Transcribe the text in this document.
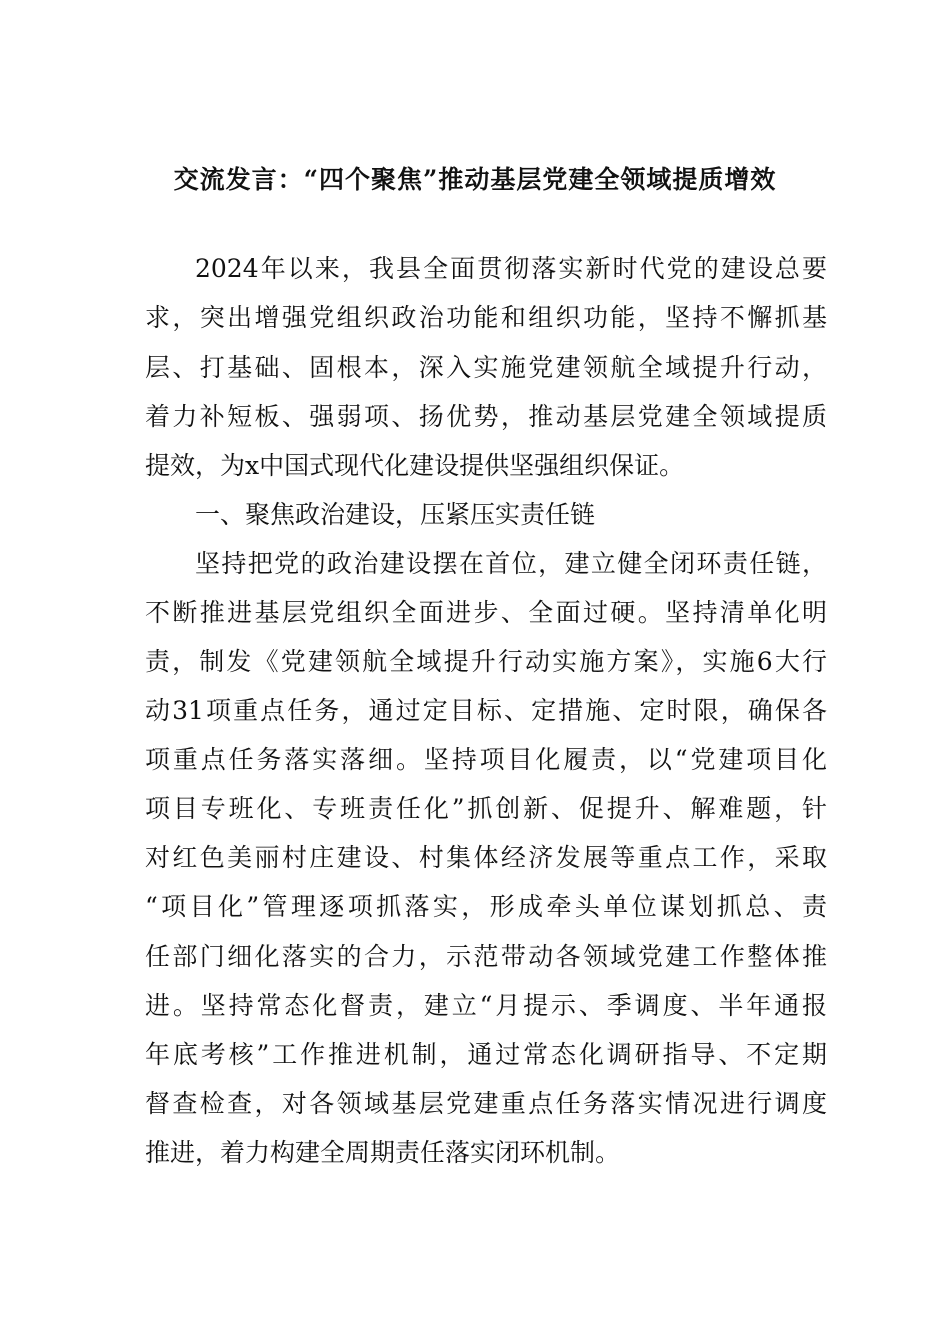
交流发言：“四个聚焦”推动基层党建全领域提质增效
2024年以来，我县全面贯彻落实新时代党的建设总要
求，突出增强党组织政治功能和组织功能，坚持不懈抓基
层、打基础、固根本，深入实施党建领航全域提升行动，
着力补短板、强弱项、扬优势，推动基层党建全领域提质
提效，为x中国式现代化建设提供坚强组织保证。
一、聚焦政治建设，压紧压实责任链
坚持把党的政治建设摆在首位，建立健全闭环责任链，
不断推进基层党组织全面进步、全面过硬。坚持清单化明
责，制发《党建领航全域提升行动实施方案》，实施6大行
动31项重点任务，通过定目标、定措施、定时限，确保各
项重点任务落实落细。坚持项目化履责，以“党建项目化
项目专班化、专班责任化”抓创新、促提升、解难题，针
对红色美丽村庄建设、村集体经济发展等重点工作，采取
“项目化”管理逐项抓落实，形成牵头单位谋划抓总、责
任部门细化落实的合力，示范带动各领域党建工作整体推
进。坚持常态化督责，建立“月提示、季调度、半年通报
年底考核”工作推进机制，通过常态化调研指导、不定期
督查检查，对各领域基层党建重点任务落实情况进行调度
推进，着力构建全周期责任落实闭环机制。
